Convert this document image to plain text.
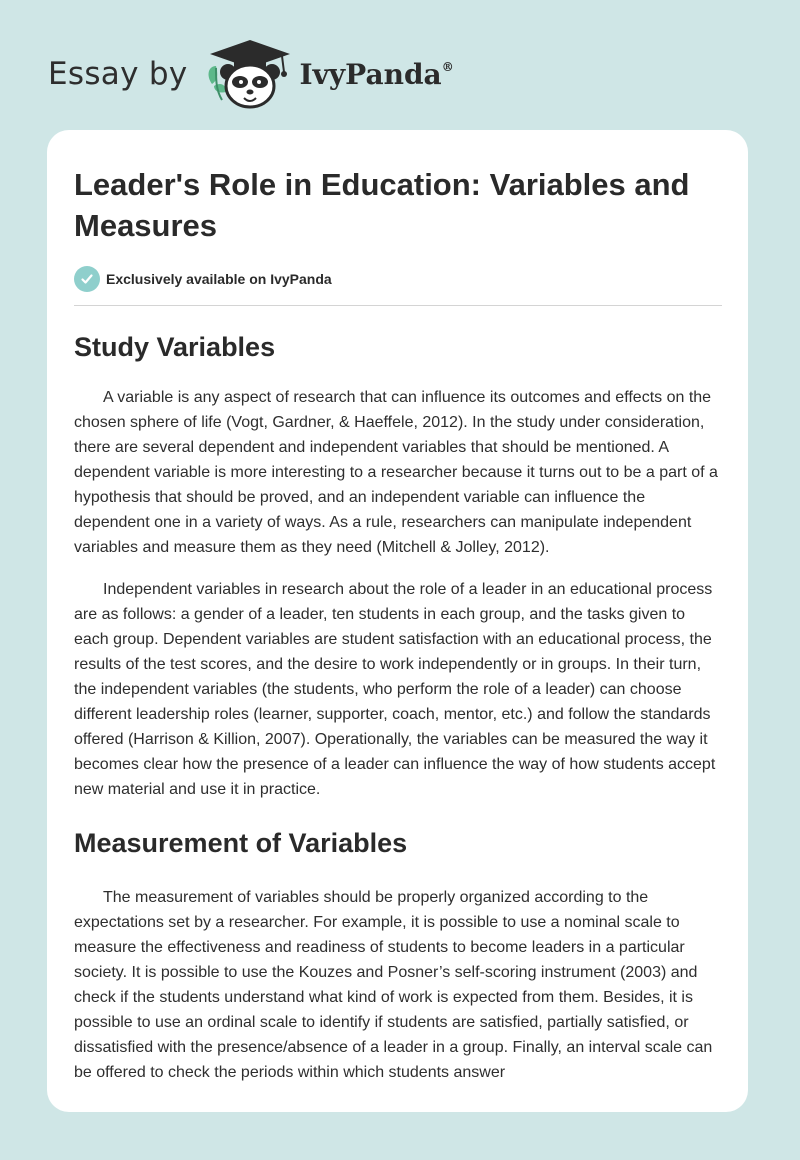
Essay by	IvyPanda®
Leader's Role in Education: Variables and Measures
Exclusively available on IvyPanda
Study Variables

A variable is any aspect of research that can influence its outcomes and effects on the chosen sphere of life (Vogt, Gardner, & Haeffele, 2012). In the study under consideration, there are several dependent and independent variables that should be mentioned. A dependent variable is more interesting to a researcher because it turns out to be a part of a hypothesis that should be proved, and an independent variable can influence the dependent one in a variety of ways. As a rule, researchers can manipulate independent variables and measure them as they need (Mitchell & Jolley, 2012).

Independent variables in research about the role of a leader in an educational process are as follows: a gender of a leader, ten students in each group, and the tasks given to each group. Dependent variables are student satisfaction with an educational process, the results of the test scores, and the desire to work independently or in groups. In their turn, the independent variables (the students, who perform the role of a leader) can choose different leadership roles (learner, supporter, coach, mentor, etc.) and follow the standards offered (Harrison & Killion, 2007). Operationally, the variables can be measured the way it becomes clear how the presence of a leader can influence the way of how students accept new material and use it in practice.

Measurement of Variables

The measurement of variables should be properly organized according to the expectations set by a researcher. For example, it is possible to use a nominal scale to measure the effectiveness and readiness of students to become leaders in a particular society. It is possible to use the Kouzes and Posner’s self-scoring instrument (2003) and check if the students understand what kind of work is expected from them. Besides, it is possible to use an ordinal scale to identify if students are satisfied, partially satisfied, or dissatisfied with the presence/absence of a leader in a group. Finally, an interval scale can be offered to check the periods within which students answer
